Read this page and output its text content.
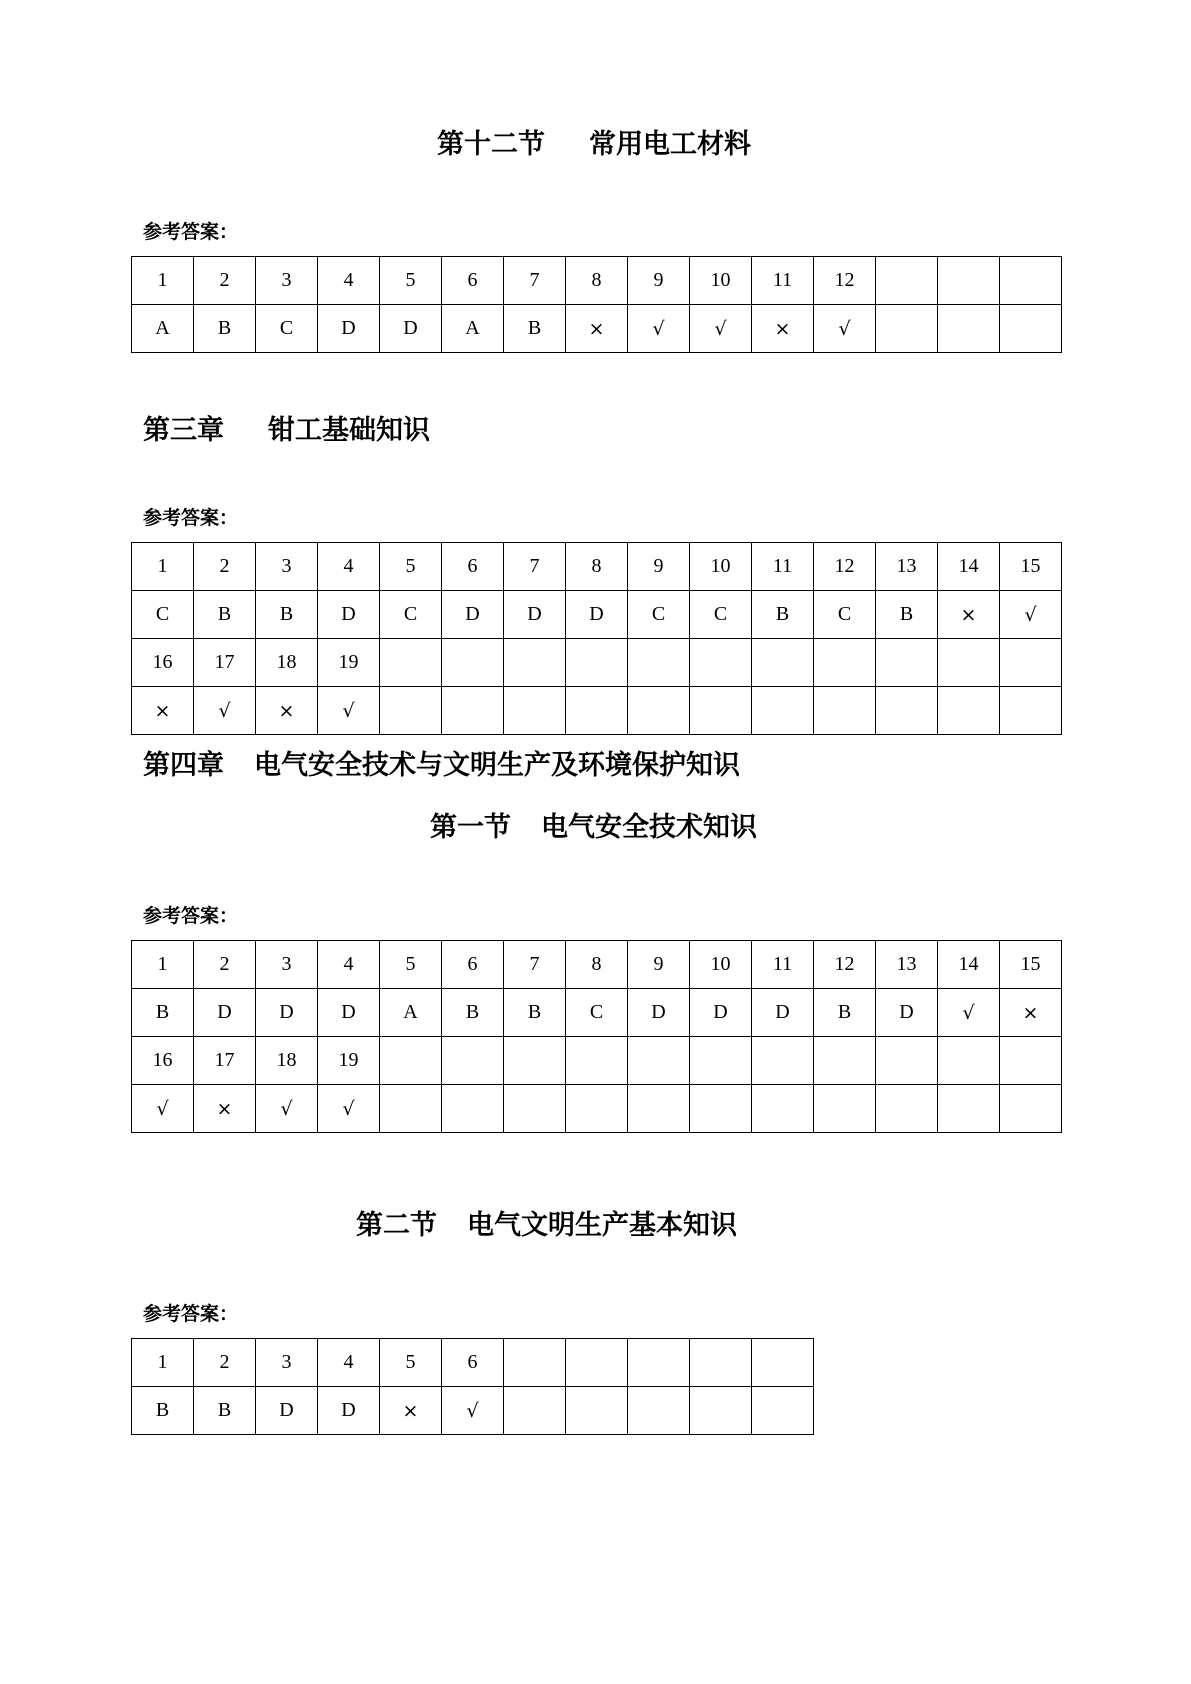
第十二节 常用电工材料

参考答案：

1	2	3	4	5	6	7	8	9	10	11	12			
A	B	C	D	D	A	B	×	√	√	×	√			
第三章 钳工基础知识

参考答案：

1	2	3	4	5	6	7	8	9	10	11	12	13	14	15
C	B	B	D	C	D	D	D	C	C	B	C	B	×	√
16	17	18	19											
×	√	×	√											
第四章 电气安全技术与文明生产及环境保护知识
第一节 电气安全技术知识

参考答案：

1	2	3	4	5	6	7	8	9	10	11	12	13	14	15
B	D	D	D	A	B	B	C	D	D	D	B	D	√	×
16	17	18	19											
√	×	√	√											
第二节 电气文明生产基本知识

参考答案：

1	2	3	4	5	6					
B	B	D	D	×	√					
